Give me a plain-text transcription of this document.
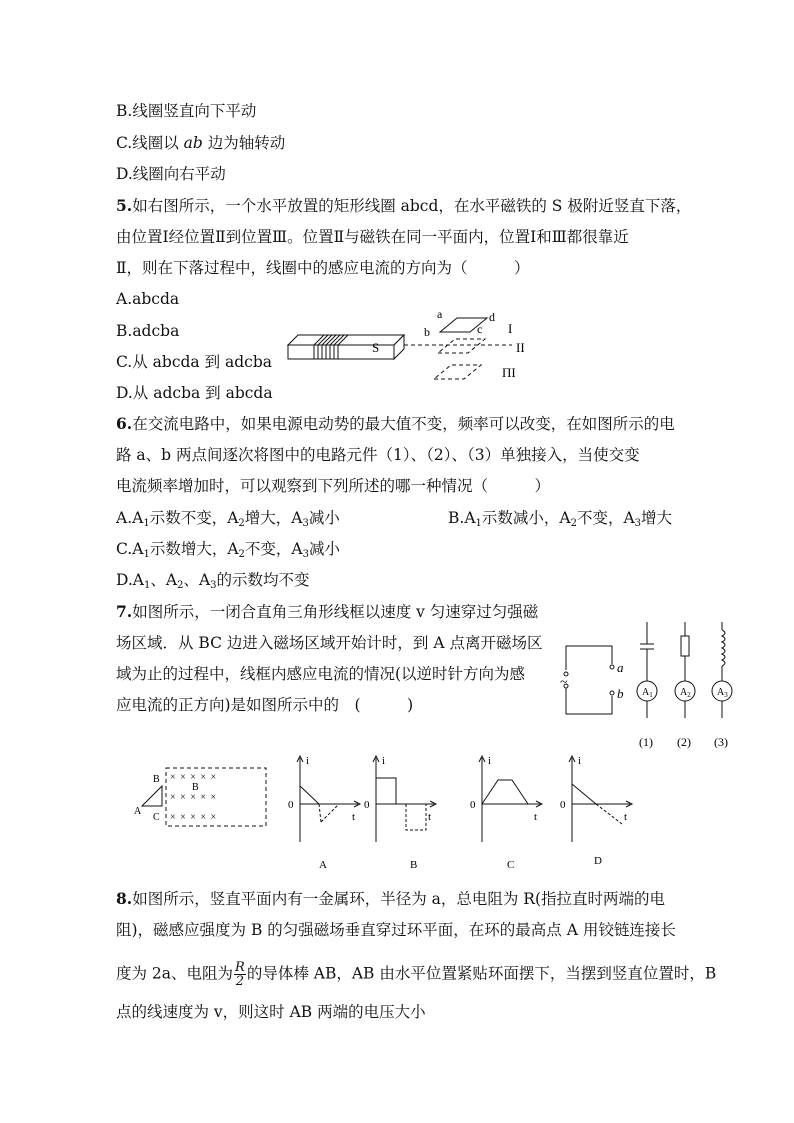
B.线圈竖直向下平动
C.线圈以 ab 边为轴转动
D.线圈向右平动
5.如右图所示，一个水平放置的矩形线圈 abcd，在水平磁铁的 S 极附近竖直下落，
由位置Ⅰ经位置Ⅱ到位置Ⅲ。位置Ⅱ与磁铁在同一平面内，位置Ⅰ和Ⅲ都很靠近
Ⅱ，则在下落过程中，线圈中的感应电流的方向为（　　　）
A.abcda
B.adcba
C.从 abcda 到 adcba
D.从 adcba 到 abcda
S
a
b	c
d
I
II
ΠI
6.在交流电路中，如果电源电动势的最大值不变，频率可以改变，在如图所示的电
路 a、b 两点间逐次将图中的电路元件（1）、（2）、（3）单独接入，当使交变
电流频率增加时，可以观察到下列所述的哪一种情况（　　　）
$A.A_1$示数不变，$A_2$增大，$A_3$减小	$B.A_1$示数减小，$A_2$不变，$A_3$增大
$C.A_1$示数增大，$A_2$不变，$A_3$减小
$D.A_1$、$A_2$、$A_3$的示数均不变
~
a
b $A_1$	$A_2$	$A_3$
(1) (2) (3)
7.如图所示，一闭合直角三角形线框以速度 v 匀速穿过匀强磁
场区域．从 BC 边进入磁场区域开始计时，到 A 点离开磁场区
域为止的过程中，线框内感应电流的情况(以逆时针方向为感
应电流的正方向)是如图所示中的　(　　　)
A
B
C
× × × × ×
× × × × ×
× × × × ×
B
i
t
0
A
i
t
0
B
i
t
0
C
i
t
0
D
8.如图所示，竖直平面内有一金属环，半径为 a，总电阻为 R(指拉直时两端的电
阻)，磁感应强度为 B 的匀强磁场垂直穿过环平面，在环的最高点 A 用铰链连接长
度为 2a、电阻为 $\frac{R}{2}$ 的导体棒 AB，AB 由水平位置紧贴环面摆下，当摆到竖直位置时，B
点的线速度为 v，则这时 AB 两端的电压大小
